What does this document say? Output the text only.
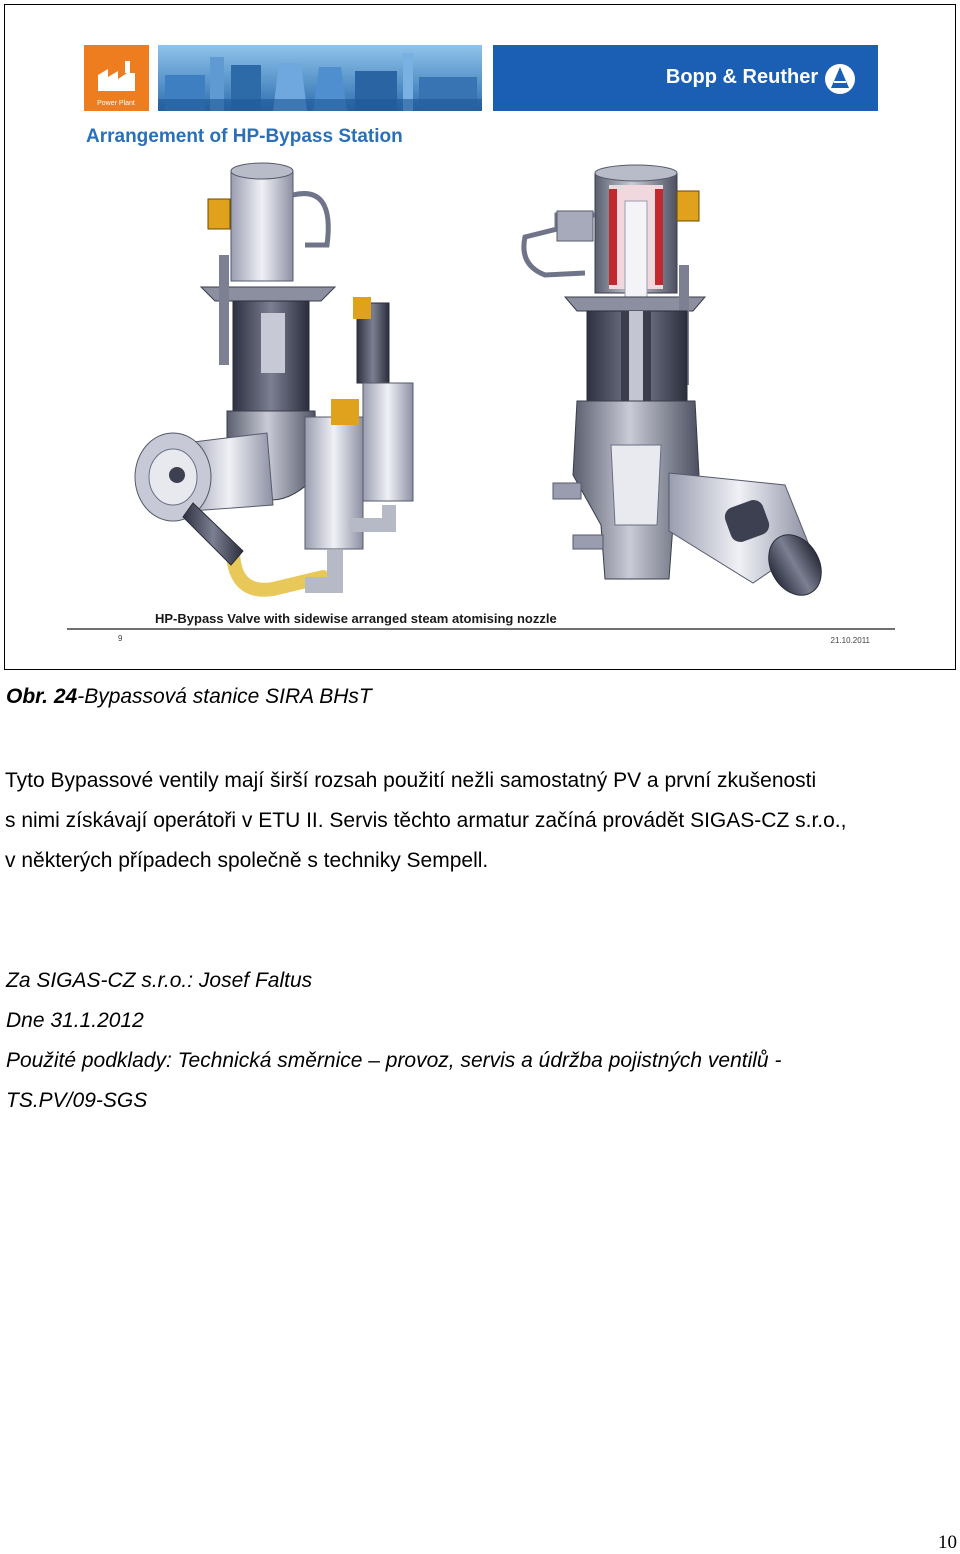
Power Plant
Bopp & Reuther
Arrangement of HP-Bypass Station
HP-Bypass Valve with sidewise arranged steam atomising nozzle
9	21.10.2011
Obr. 24-Bypassová stanice SIRA BHsT
Tyto Bypassové ventily mají širší rozsah použití nežli samostatný PV a první zkušenosti
s nimi získávají operátoři v ETU II. Servis těchto armatur začíná provádět SIGAS-CZ s.r.o.,
v některých případech společně s techniky Sempell.
Za SIGAS-CZ s.r.o.: Josef Faltus
Dne 31.1.2012
Použité podklady: Technická směrnice – provoz, servis a údržba pojistných ventilů -
TS.PV/09-SGS
10
